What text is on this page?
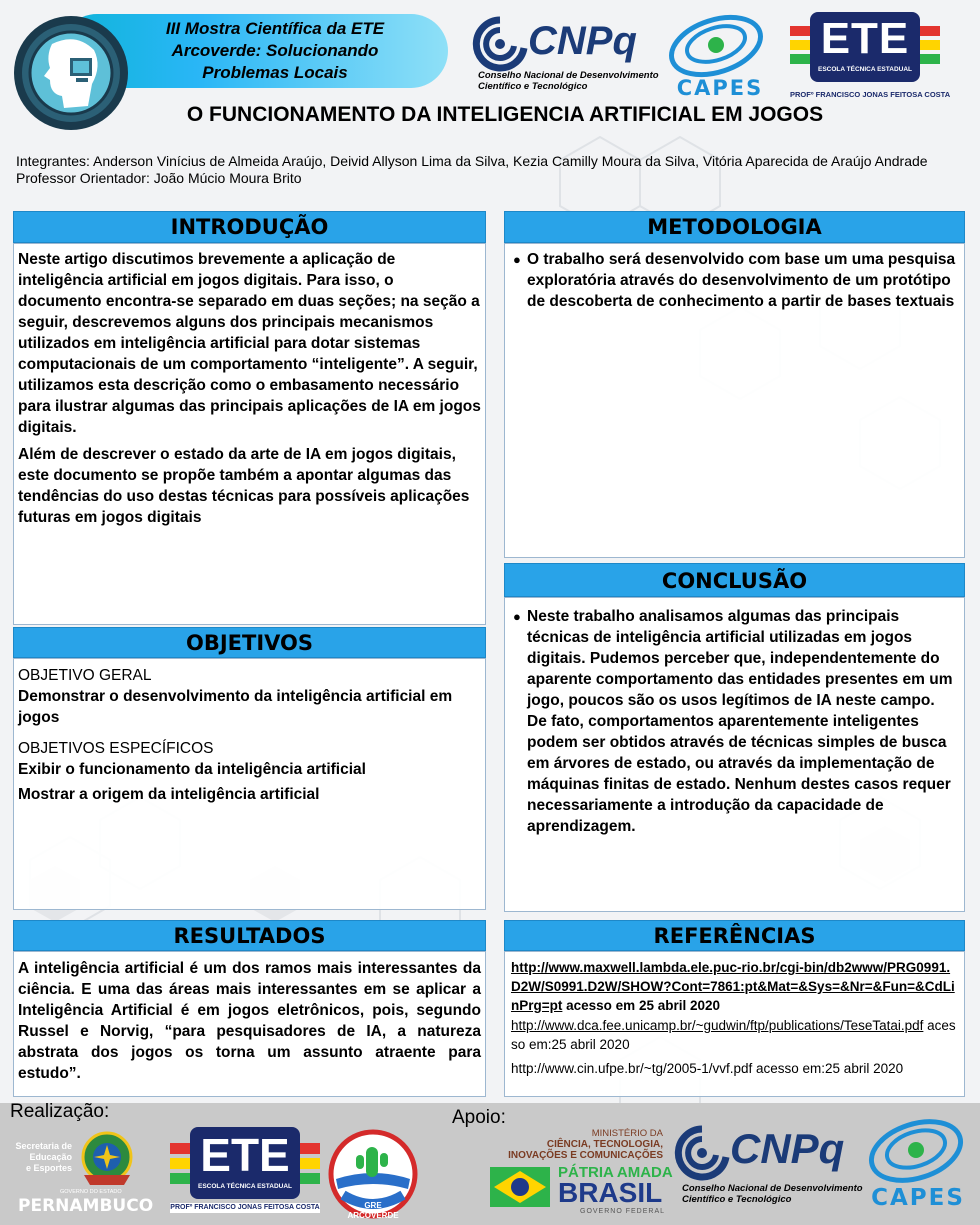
III Mostra Científica da ETE Arcoverde: Solucionando Problemas Locais
CNPq
Conselho Nacional de Desenvolvimento
Científico e Tecnológico	CAPES
ETE
ESCOLA TÉCNICA ESTADUAL
PROFº FRANCISCO JONAS FEITOSA COSTA
O FUNCIONAMENTO DA INTELIGENCIA ARTIFICIAL EM JOGOS
Integrantes: Anderson Vinícius de Almeida Araújo, Deivid Allyson Lima da Silva, Kezia Camilly Moura da Silva, Vitória Aparecida de Araújo Andrade
Professor Orientador: João Múcio Moura Brito
INTRODUÇÃO

Neste artigo discutimos brevemente a aplicação de inteligência artificial em jogos digitais. Para isso, o documento encontra-se separado em duas seções; na seção a seguir, descrevemos alguns dos principais mecanismos utilizados em inteligência artificial para dotar sistemas computacionais de um comportamento “inteligente”. A seguir, utilizamos esta descrição como o embasamento necessário para ilustrar algumas das principais aplicações de IA em jogos digitais.

Além de descrever o estado da arte de IA em jogos digitais, este documento se propõe também a apontar algumas das tendências do uso destas técnicas para possíveis aplicações futuras em jogos digitais

METODOLOGIA
● O trabalho será desenvolvido com base um uma pesquisa exploratória através do desenvolvimento de um protótipo de descoberta de conhecimento a partir de bases textuais
OBJETIVOS
OBJETIVO GERAL
Demonstrar o desenvolvimento da inteligência artificial em jogos
OBJETIVOS ESPECÍFICOS
Exibir o funcionamento da inteligência artificial
Mostrar a origem da inteligência artificial
CONCLUSÃO
● Neste trabalho analisamos algumas das principais técnicas de inteligência artificial utilizadas em jogos digitais. Pudemos perceber que, independentemente do aparente comportamento das entidades presentes em um jogo, poucos são os usos legítimos de IA neste campo. De fato, comportamentos aparentemente inteligentes podem ser obtidos através de técnicas simples de busca em árvores de estado, ou através da implementação de máquinas finitas de estado. Nenhum destes casos requer necessariamente a introdução da capacidade de aprendizagem.
RESULTADOS

A inteligência artificial é um dos ramos mais interessantes da ciência. E uma das áreas mais interessantes em se aplicar a Inteligência Artificial é em jogos eletrônicos, pois, segundo Russel e Norvig, “para pesquisadores de IA, a natureza abstrata dos jogos os torna um assunto atraente para estudo”.

REFERÊNCIAS
http://www.maxwell.lambda.ele.puc-rio.br/cgi-bin/db2www/PRG0991.D2W/S0991.D2W/SHOW?Cont=7861:pt&Mat=&Sys=&Nr=&Fun=&CdLinPrg=pt acesso em 25 abril 2020
http://www.dca.fee.unicamp.br/~gudwin/ftp/publications/TeseTatai.pdf acesso em:25 abril 2020
http://www.cin.ufpe.br/~tg/2005-1/vvf.pdf acesso em:25 abril 2020
Realização:	Apoio:
Secretaria de
Educação
e Esportes
GOVERNO DO ESTADO
PERNAMBUCO
ETE
ESCOLA TÉCNICA ESTADUAL
PROFº FRANCISCO JONAS FEITOSA COSTA	GRE ARCOVERDE
MINISTÉRIO DA
CIÊNCIA, TECNOLOGIA,
INOVAÇÕES E COMUNICAÇÕES
PÁTRIA AMADA
BRASIL
GOVERNO FEDERAL
CNPq
Conselho Nacional de Desenvolvimento
Científico e Tecnológico	CAPES
